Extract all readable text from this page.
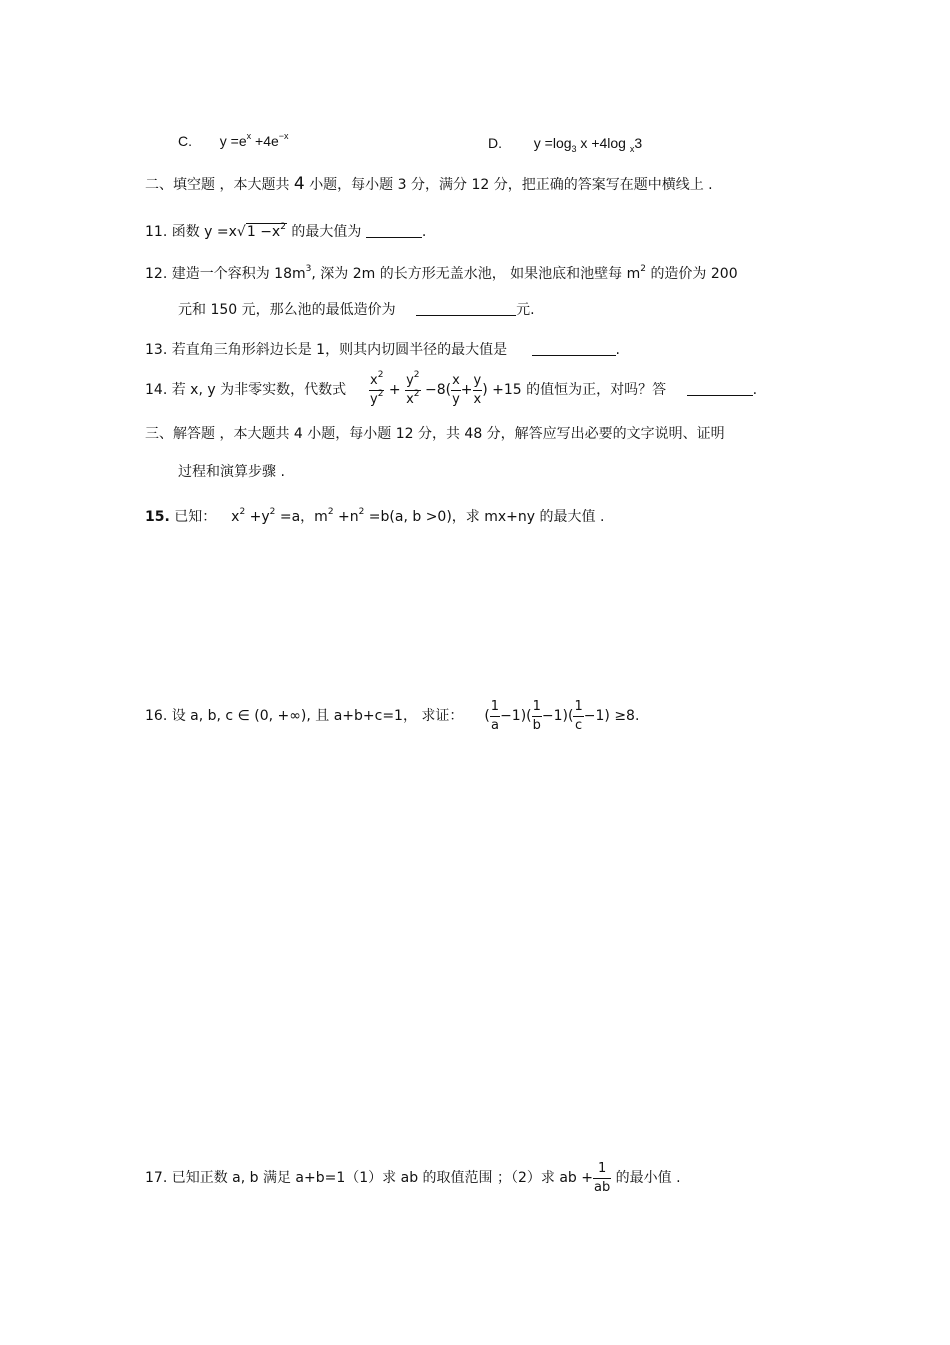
C. $y =e^x +4e^{-x}$	D. $y =\log_3$ x +4log $_x$3
二、填空题 ，本大题共 4 小题，每小题 3 分，满分 12 分，把正确的答案写在题中横线上 .
11. 函数 $y =x√1 -x^2$ 的最大值为	.
12. 建造一个容积为 $18m^3$, 深为 2m 的长方形无盖水池， 如果池底和池壁每 $m^2$ 的造价为 200
元和 150 元，那么池的最低造价为	元.
13. 若直角三角形斜边长是 1，则其内切圆半径的最大值是	.
14. 若 x, y 为非零实数，代数式 $\frac{x^2}{y^2} + \frac{y^2}{x^2} -8( \frac{x}{y} + \frac{y}{x}$ ) +15 的值恒为正，对吗？答	.
三、解答题 ，本大题共 4 小题，每小题 12 分，共 48 分，解答应写出必要的文字说明、证明
过程和演算步骤 .
15. 已知： $x^2 +y^2 =a$，$m^2 +n^2 =b(a$, b >0)，求 mx+ny 的最大值 .
16. 设 a, b, c ∈ (0, +∞), 且 a+b+c=1， 求证： ( $\frac{1}{a} -1)( \frac{1}{b} -1)( \frac{1}{c} -1) \ge 8$.
17. 已知正数 a, b 满足 a+b=1（1）求 ab 的取值范围 ；（2）求 ab + $\frac{1}{ab}$ 的最小值 .
